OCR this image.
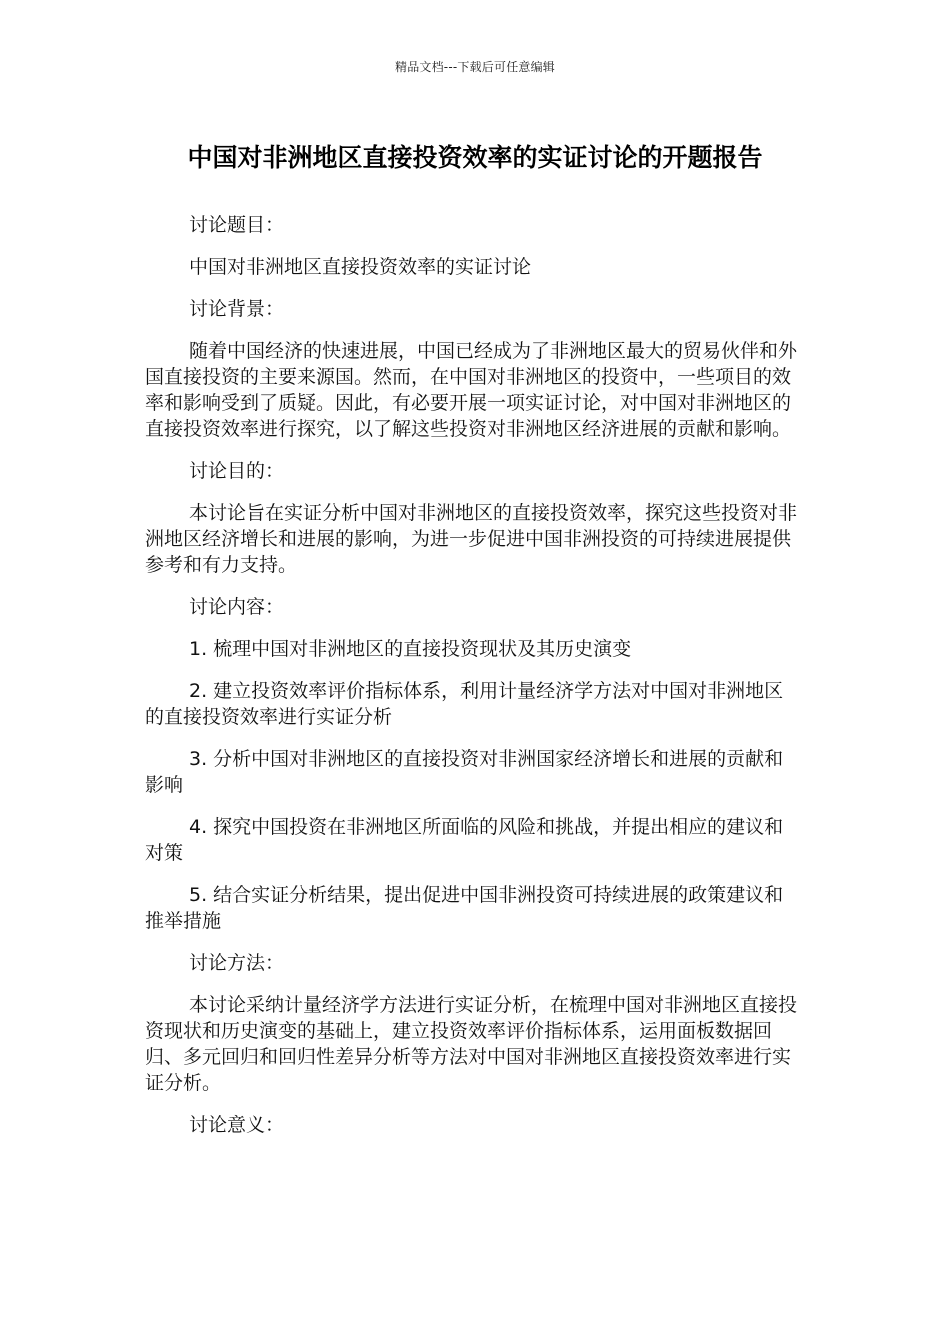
精品文档---下载后可任意编辑
中国对非洲地区直接投资效率的实证讨论的开题报告

讨论题目：

中国对非洲地区直接投资效率的实证讨论

讨论背景：

随着中国经济的快速进展，中国已经成为了非洲地区最大的贸易伙伴和外国直接投资的主要来源国。然而，在中国对非洲地区的投资中，一些项目的效率和影响受到了质疑。因此，有必要开展一项实证讨论，对中国对非洲地区的直接投资效率进行探究，以了解这些投资对非洲地区经济进展的贡献和影响。

讨论目的：

本讨论旨在实证分析中国对非洲地区的直接投资效率，探究这些投资对非洲地区经济增长和进展的影响，为进一步促进中国非洲投资的可持续进展提供参考和有力支持。

讨论内容：

1. 梳理中国对非洲地区的直接投资现状及其历史演变

2. 建立投资效率评价指标体系，利用计量经济学方法对中国对非洲地区的直接投资效率进行实证分析

3. 分析中国对非洲地区的直接投资对非洲国家经济增长和进展的贡献和影响

4. 探究中国投资在非洲地区所面临的风险和挑战，并提出相应的建议和对策

5. 结合实证分析结果，提出促进中国非洲投资可持续进展的政策建议和推举措施

讨论方法：

本讨论采纳计量经济学方法进行实证分析，在梳理中国对非洲地区直接投资现状和历史演变的基础上，建立投资效率评价指标体系，运用面板数据回归、多元回归和回归性差异分析等方法对中国对非洲地区直接投资效率进行实证分析。

讨论意义：
